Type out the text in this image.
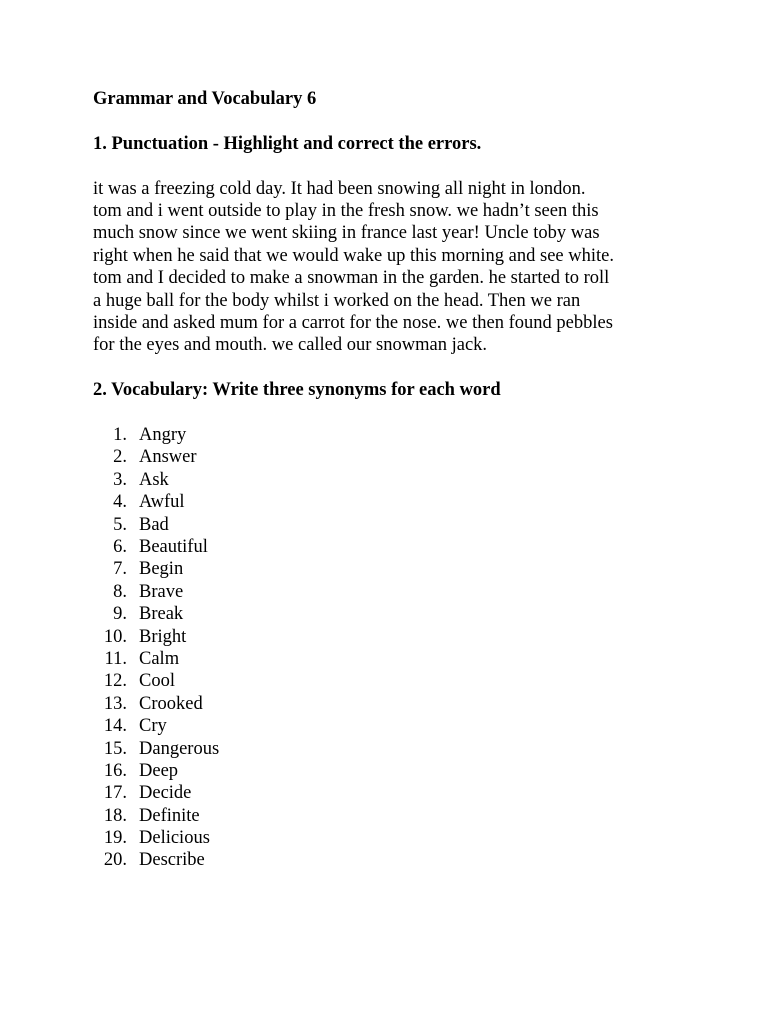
Grammar and Vocabulary 6

1. Punctuation - Highlight and correct the errors.

it was a freezing cold day. It had been snowing all night in london.
tom and i went outside to play in the fresh snow. we hadn’t seen this
much snow since we went skiing in france last year! Uncle toby was
right when he said that we would wake up this morning and see white.
tom and I decided to make a snowman in the garden. he started to roll
a huge ball for the body whilst i worked on the head. Then we ran
inside and asked mum for a carrot for the nose. we then found pebbles
for the eyes and mouth. we called our snowman jack.

2. Vocabulary: Write three synonyms for each word

1. Angry
2. Answer
3. Ask
4. Awful
5. Bad
6. Beautiful
7. Begin
8. Brave
9. Break
10. Bright
11. Calm
12. Cool
13. Crooked
14. Cry
15. Dangerous
16. Deep
17. Decide
18. Definite
19. Delicious
20. Describe
